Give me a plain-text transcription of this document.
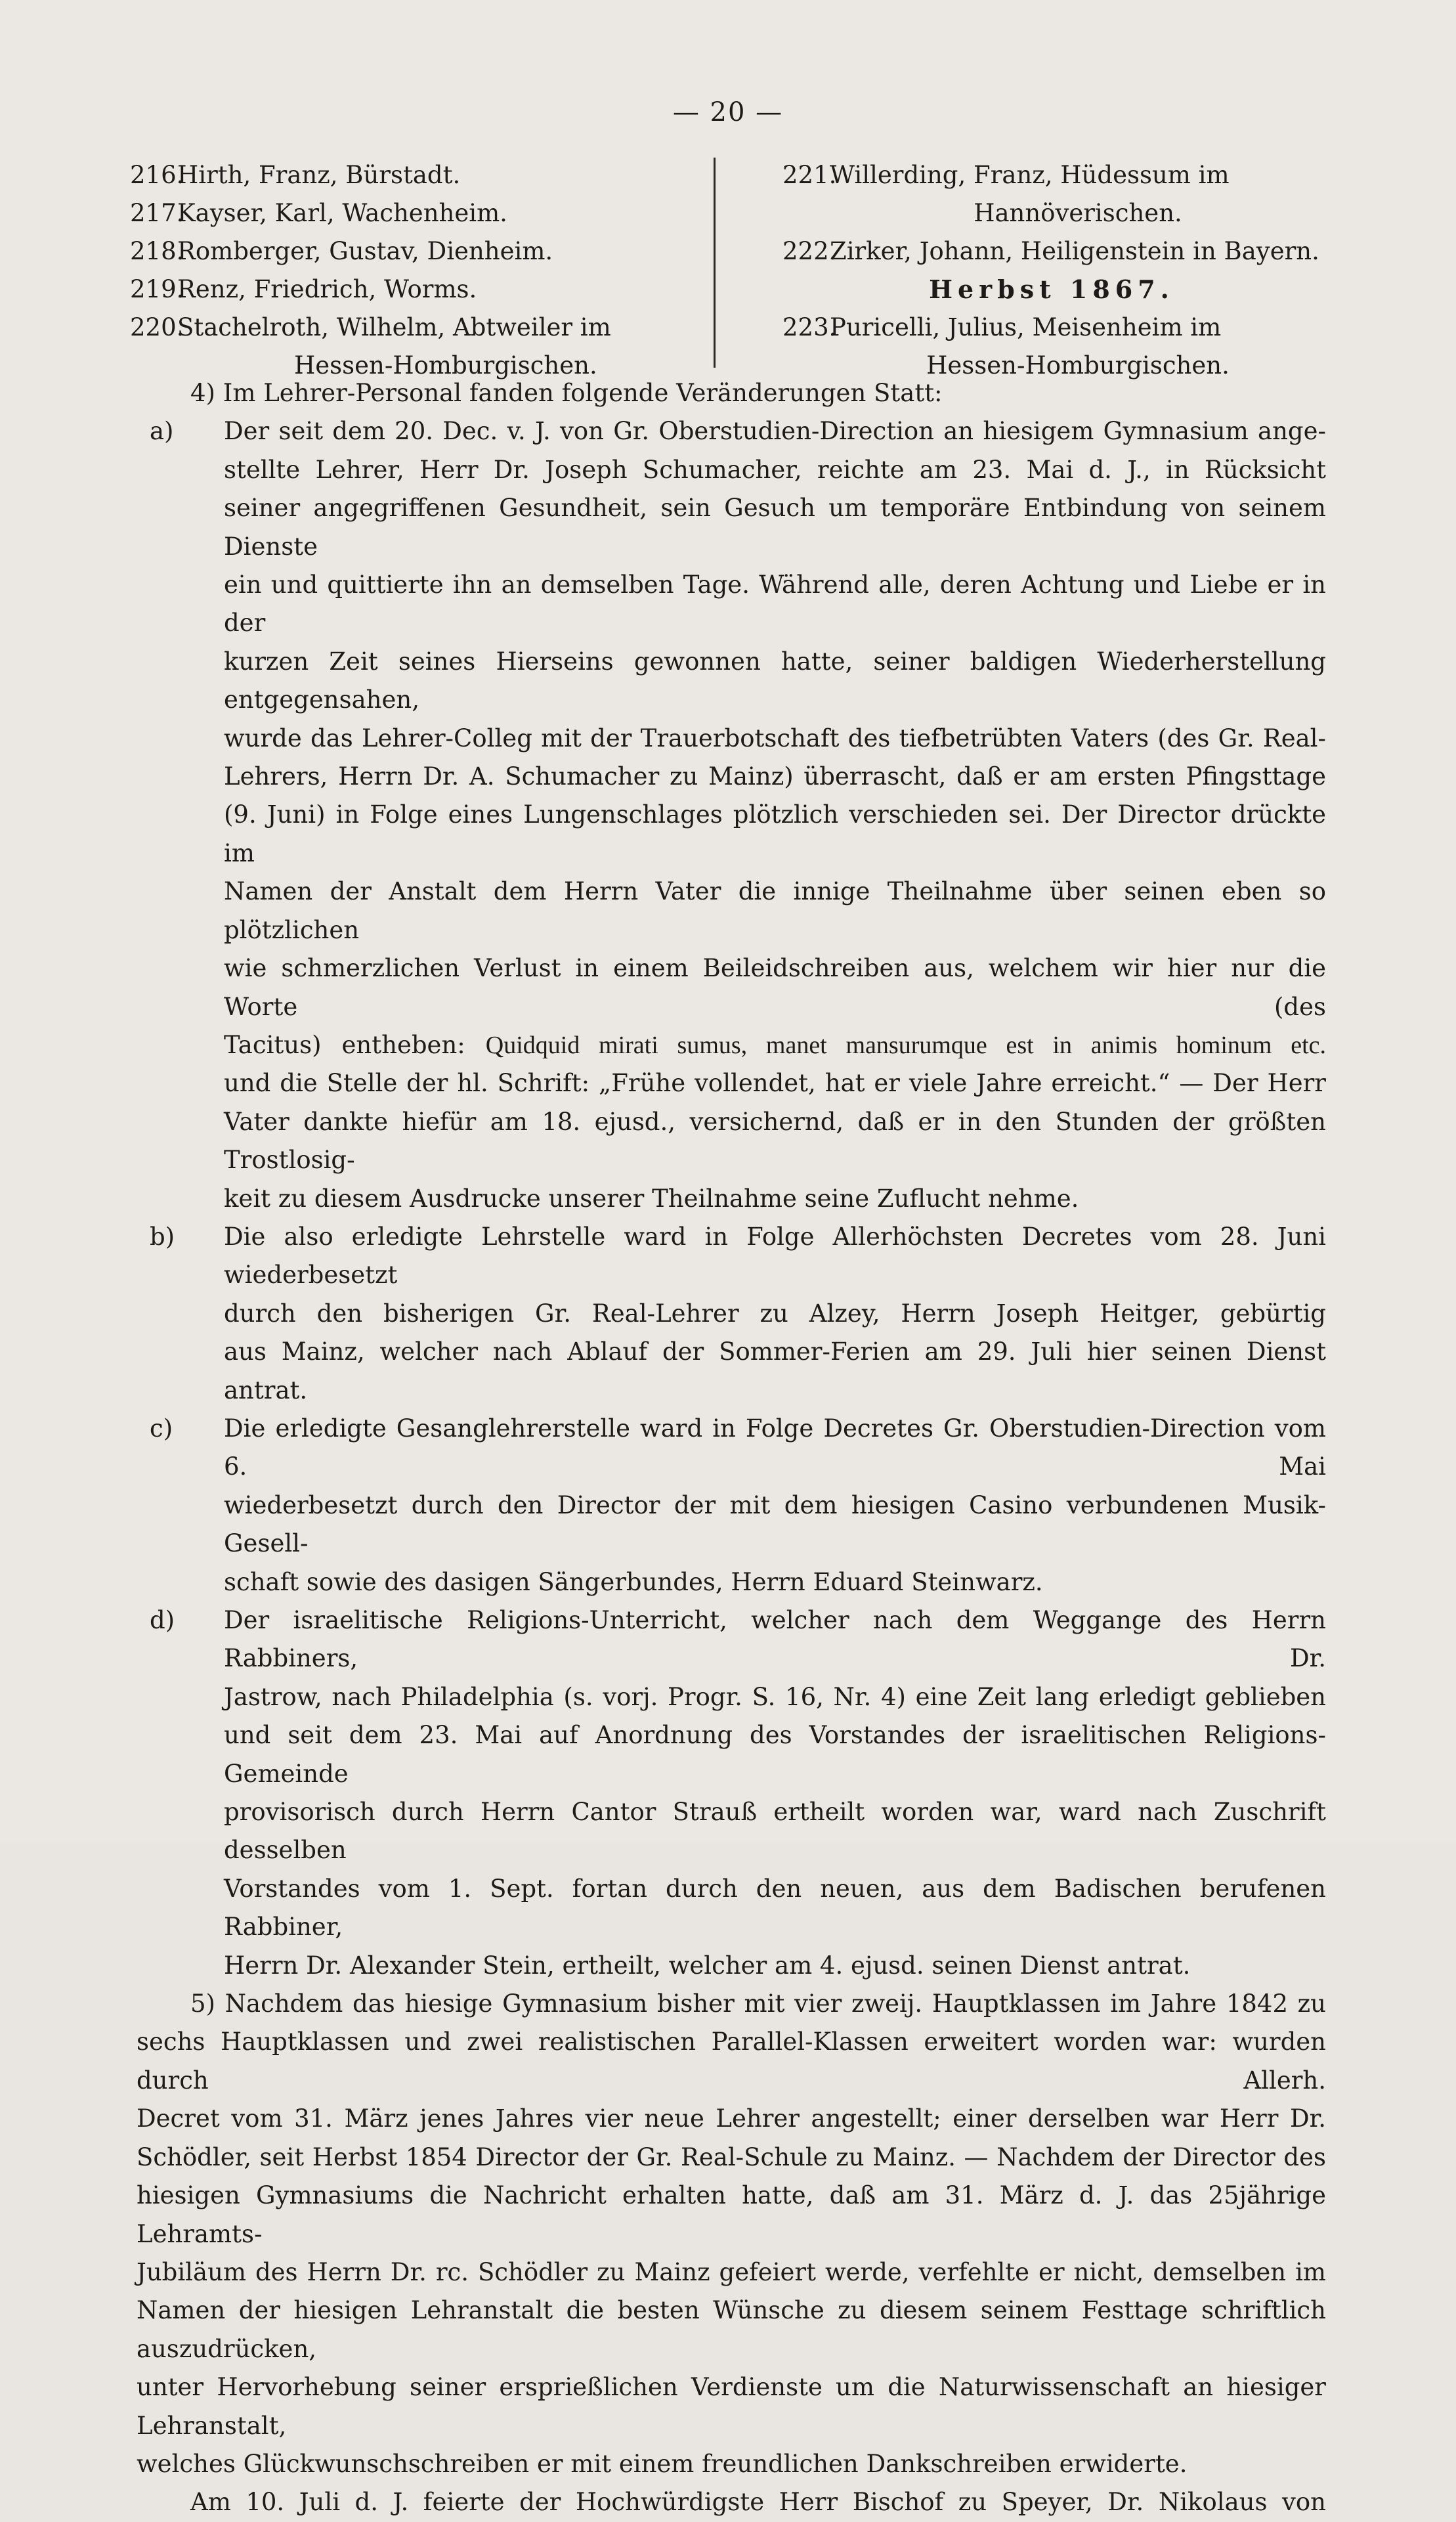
— 20 —
216.Hirth, Franz, Bürstadt.
217.Kayser, Karl, Wachenheim.
218.Romberger, Gustav, Dienheim.
219.Renz, Friedrich, Worms.
220.Stachelroth, Wilhelm, Abtweiler im
Hessen-Homburgischen.
221.Willerding, Franz, Hüdessum im
Hannöverischen.
222.Zirker, Johann, Heiligenstein in Bayern.
Herbst 1867.
223.Puricelli, Julius, Meisenheim im
Hessen-Homburgischen.

4) Im Lehrer-Personal fanden folgende Veränderungen Statt:

a) Der seit dem 20. Dec. v. J. von Gr. Oberstudien-Direction an hiesigem Gymnasium ange-

stellte Lehrer, Herr Dr. Joseph Schumacher, reichte am 23. Mai d. J., in Rücksicht

seiner angegriffenen Gesundheit, sein Gesuch um temporäre Entbindung von seinem Dienste

ein und quittierte ihn an demselben Tage. Während alle, deren Achtung und Liebe er in der

kurzen Zeit seines Hierseins gewonnen hatte, seiner baldigen Wiederherstellung entgegensahen,

wurde das Lehrer-Colleg mit der Trauerbotschaft des tiefbetrübten Vaters (des Gr. Real-

Lehrers, Herrn Dr. A. Schumacher zu Mainz) überrascht, daß er am ersten Pfingsttage

(9. Juni) in Folge eines Lungenschlages plötzlich verschieden sei. Der Director drückte im

Namen der Anstalt dem Herrn Vater die innige Theilnahme über seinen eben so plötzlichen

wie schmerzlichen Verlust in einem Beileidschreiben aus, welchem wir hier nur die Worte (des

Tacitus) entheben: Quidquid mirati sumus, manet mansurumque est in animis hominum etc.

und die Stelle der hl. Schrift: „Frühe vollendet, hat er viele Jahre erreicht.“ — Der Herr

Vater dankte hiefür am 18. ejusd., versichernd, daß er in den Stunden der größten Trostlosig-

keit zu diesem Ausdrucke unserer Theilnahme seine Zuflucht nehme.

b) Die also erledigte Lehrstelle ward in Folge Allerhöchsten Decretes vom 28. Juni wiederbesetzt

durch den bisherigen Gr. Real-Lehrer zu Alzey, Herrn Joseph Heitger, gebürtig

aus Mainz, welcher nach Ablauf der Sommer-Ferien am 29. Juli hier seinen Dienst antrat.

c) Die erledigte Gesanglehrerstelle ward in Folge Decretes Gr. Oberstudien-Direction vom 6. Mai

wiederbesetzt durch den Director der mit dem hiesigen Casino verbundenen Musik-Gesell-

schaft sowie des dasigen Sängerbundes, Herrn Eduard Steinwarz.

d) Der israelitische Religions-Unterricht, welcher nach dem Weggange des Herrn Rabbiners, Dr.

Jastrow, nach Philadelphia (s. vorj. Progr. S. 16, Nr. 4) eine Zeit lang erledigt geblieben

und seit dem 23. Mai auf Anordnung des Vorstandes der israelitischen Religions-Gemeinde

provisorisch durch Herrn Cantor Strauß ertheilt worden war, ward nach Zuschrift desselben

Vorstandes vom 1. Sept. fortan durch den neuen, aus dem Badischen berufenen Rabbiner,

Herrn Dr. Alexander Stein, ertheilt, welcher am 4. ejusd. seinen Dienst antrat.

5) Nachdem das hiesige Gymnasium bisher mit vier zweij. Hauptklassen im Jahre 1842 zu

sechs Hauptklassen und zwei realistischen Parallel-Klassen erweitert worden war: wurden durch Allerh.

Decret vom 31. März jenes Jahres vier neue Lehrer angestellt; einer derselben war Herr Dr.

Schödler, seit Herbst 1854 Director der Gr. Real-Schule zu Mainz. — Nachdem der Director des

hiesigen Gymnasiums die Nachricht erhalten hatte, daß am 31. März d. J. das 25jährige Lehramts-

Jubiläum des Herrn Dr. rc. Schödler zu Mainz gefeiert werde, verfehlte er nicht, demselben im

Namen der hiesigen Lehranstalt die besten Wünsche zu diesem seinem Festtage schriftlich auszudrücken,

unter Hervorhebung seiner ersprießlichen Verdienste um die Naturwissenschaft an hiesiger Lehranstalt,

welches Glückwunschschreiben er mit einem freundlichen Dankschreiben erwiderte.

Am 10. Juli d. J. feierte der Hochwürdigste Herr Bischof zu Speyer, Dr. Nikolaus von
